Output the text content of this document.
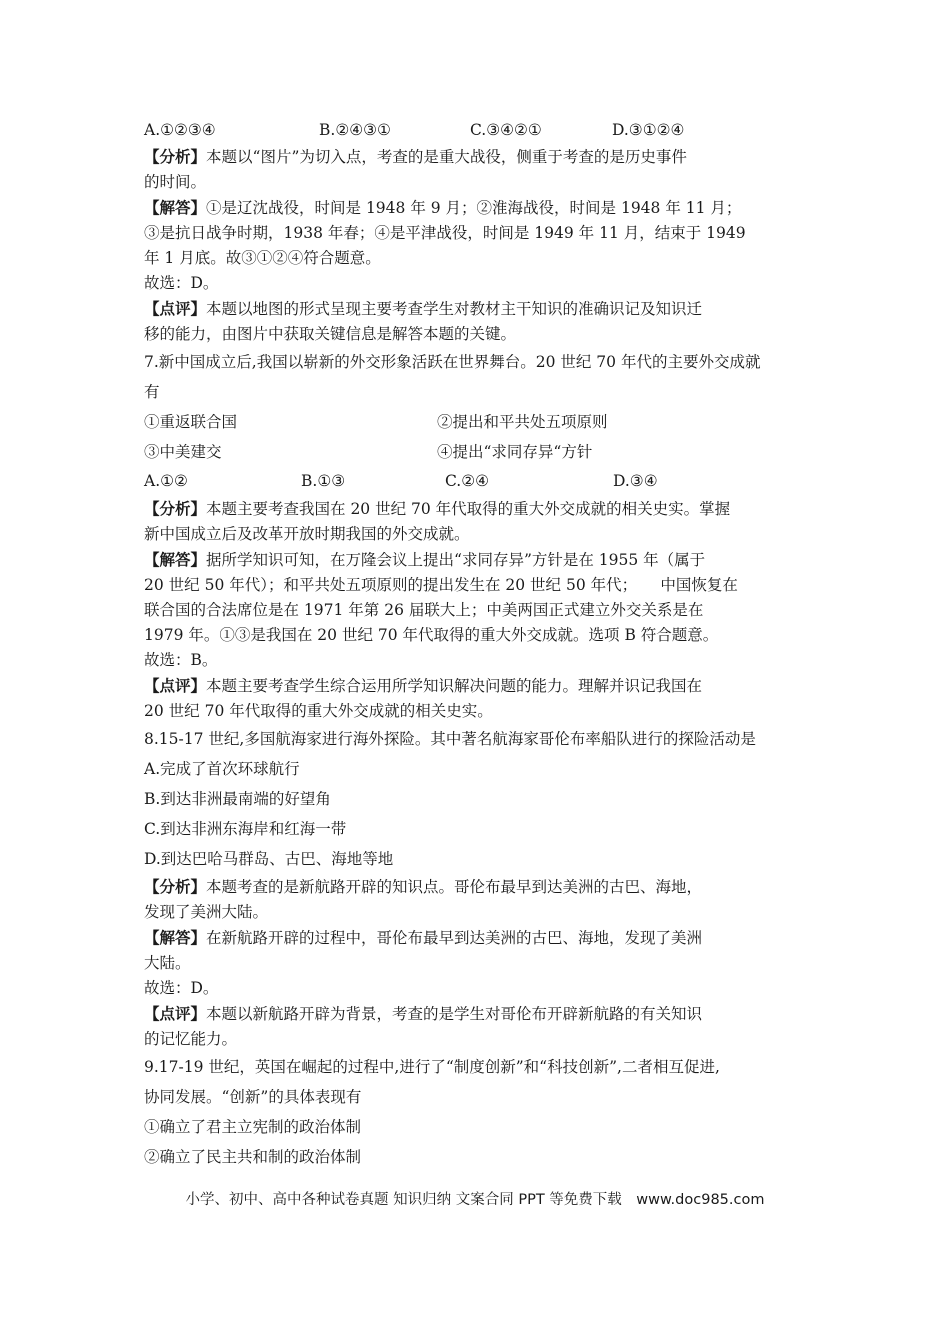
A.①②③④	B.②④③①	C.③④②①	D.③①②④
【分析】本题以“图片”为切入点，考查的是重大战役，侧重于考查的是历史事件
的时间。
【解答】①是辽沈战役，时间是 1948 年 9 月；②淮海战役，时间是 1948 年 11 月；
③是抗日战争时期，1938 年春；④是平津战役，时间是 1949 年 11 月，结束于 1949
年 1 月底。故③①②④符合题意。
故选：D。
【点评】本题以地图的形式呈现主要考查学生对教材主干知识的准确识记及知识迁
移的能力，由图片中获取关键信息是解答本题的关键。
7.新中国成立后,我国以崭新的外交形象活跃在世界舞台。20 世纪 70 年代的主要外交成就
有
①重返联合国	②提出和平共处五项原则
③中美建交	④提出“求同存异“方针
A.①②	B.①③	C.②④	D.③④
【分析】本题主要考查我国在 20 世纪 70 年代取得的重大外交成就的相关史实。掌握
新中国成立后及改革开放时期我国的外交成就。
【解答】据所学知识可知，在万隆会议上提出“求同存异”方针是在 1955 年（属于
20 世纪 50 年代）；和平共处五项原则的提出发生在 20 世纪 50 年代；　　中国恢复在
联合国的合法席位是在 1971 年第 26 届联大上；中美两国正式建立外交关系是在
1979 年。①③是我国在 20 世纪 70 年代取得的重大外交成就。选项 B 符合题意。
故选：B。
【点评】本题主要考查学生综合运用所学知识解决问题的能力。理解并识记我国在
20 世纪 70 年代取得的重大外交成就的相关史实。
8.15-17 世纪,多国航海家进行海外探险。其中著名航海家哥伦布率船队进行的探险活动是
A.完成了首次环球航行
B.到达非洲最南端的好望角
C.到达非洲东海岸和红海一带
D.到达巴哈马群岛、古巴、海地等地
【分析】本题考查的是新航路开辟的知识点。哥伦布最早到达美洲的古巴、海地，
发现了美洲大陆。
【解答】在新航路开辟的过程中，哥伦布最早到达美洲的古巴、海地，发现了美洲
大陆。
故选：D。
【点评】本题以新航路开辟为背景，考查的是学生对哥伦布开辟新航路的有关知识
的记忆能力。
9.17-19 世纪，英国在崛起的过程中,进行了“制度创新”和“科技创新”,二者相互促进,
协同发展。“创新”的具体表现有
①确立了君主立宪制的政治体制
②确立了民主共和制的政治体制
小学、初中、高中各种试卷真题 知识归纳 文案合同 PPT 等免费下载　www.doc985.com
